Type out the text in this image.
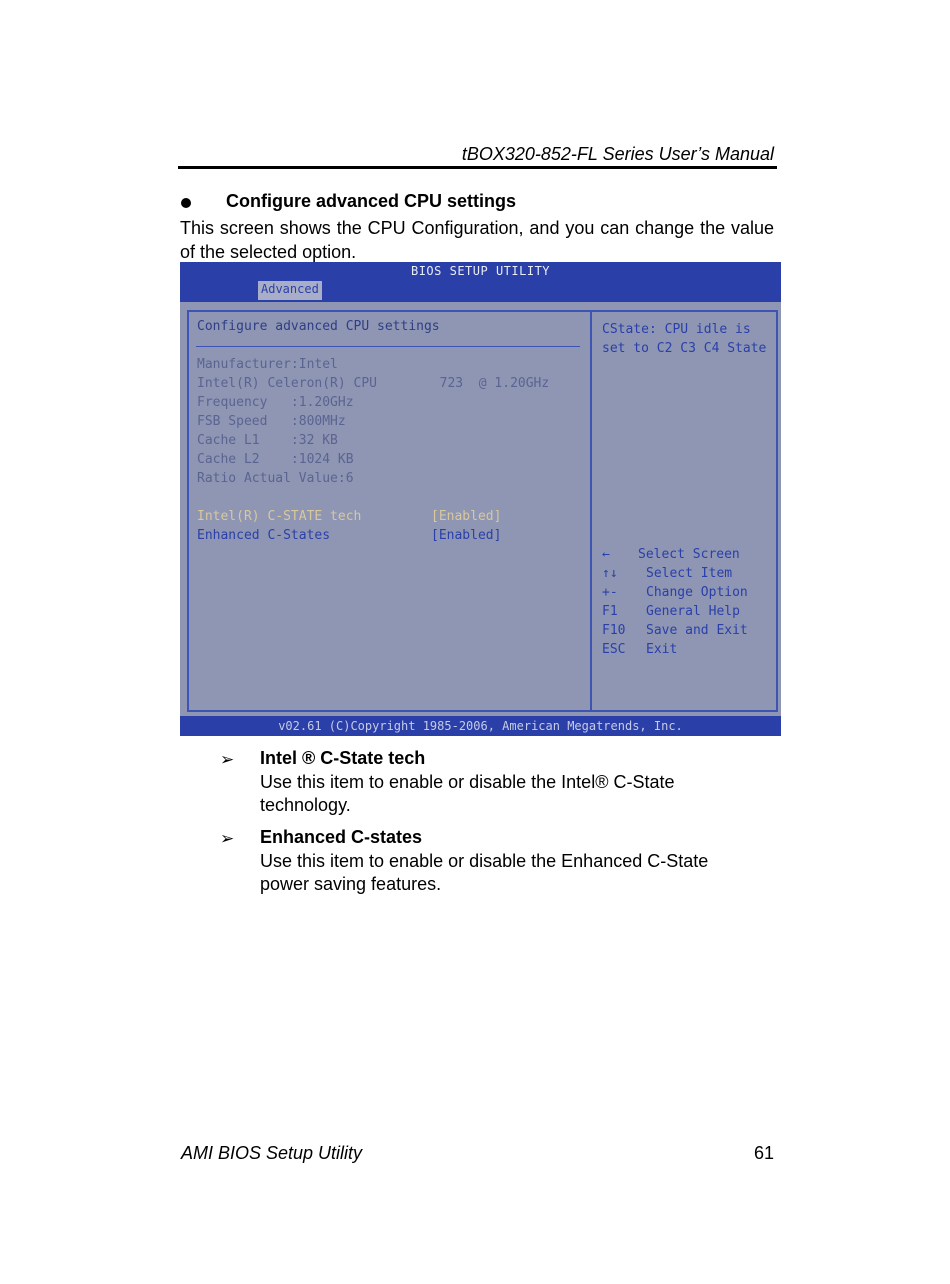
tBOX320-852-FL Series User’s Manual
Configure advanced CPU settings
This screen shows the CPU Configuration, and you can change the value of the selected option.
BIOS SETUP UTILITY
Advanced
Configure advanced CPU settings
Manufacturer:Intel
Intel(R) Celeron(R) CPU        723  @ 1.20GHz
Frequency   :1.20GHz
FSB Speed   :800MHz
Cache L1    :32 KB
Cache L2    :1024 KB
Ratio Actual Value:6
Intel(R) C-STATE tech	[Enabled]
Enhanced C-States	[Enabled]
CState: CPU idle is set to C2 C3 C4 State
← Select Screen
↑↓ Select Item
+- Change Option
F1 General Help
F10 Save and Exit
ESC Exit
v02.61 (C)Copyright 1985-2006, American Megatrends, Inc.
➢ Intel ® C-State tech
Use this item to enable or disable the Intel® C-State technology.
➢ Enhanced C-states
Use this item to enable or disable the Enhanced C-State power saving features.
AMI BIOS Setup Utility	61
